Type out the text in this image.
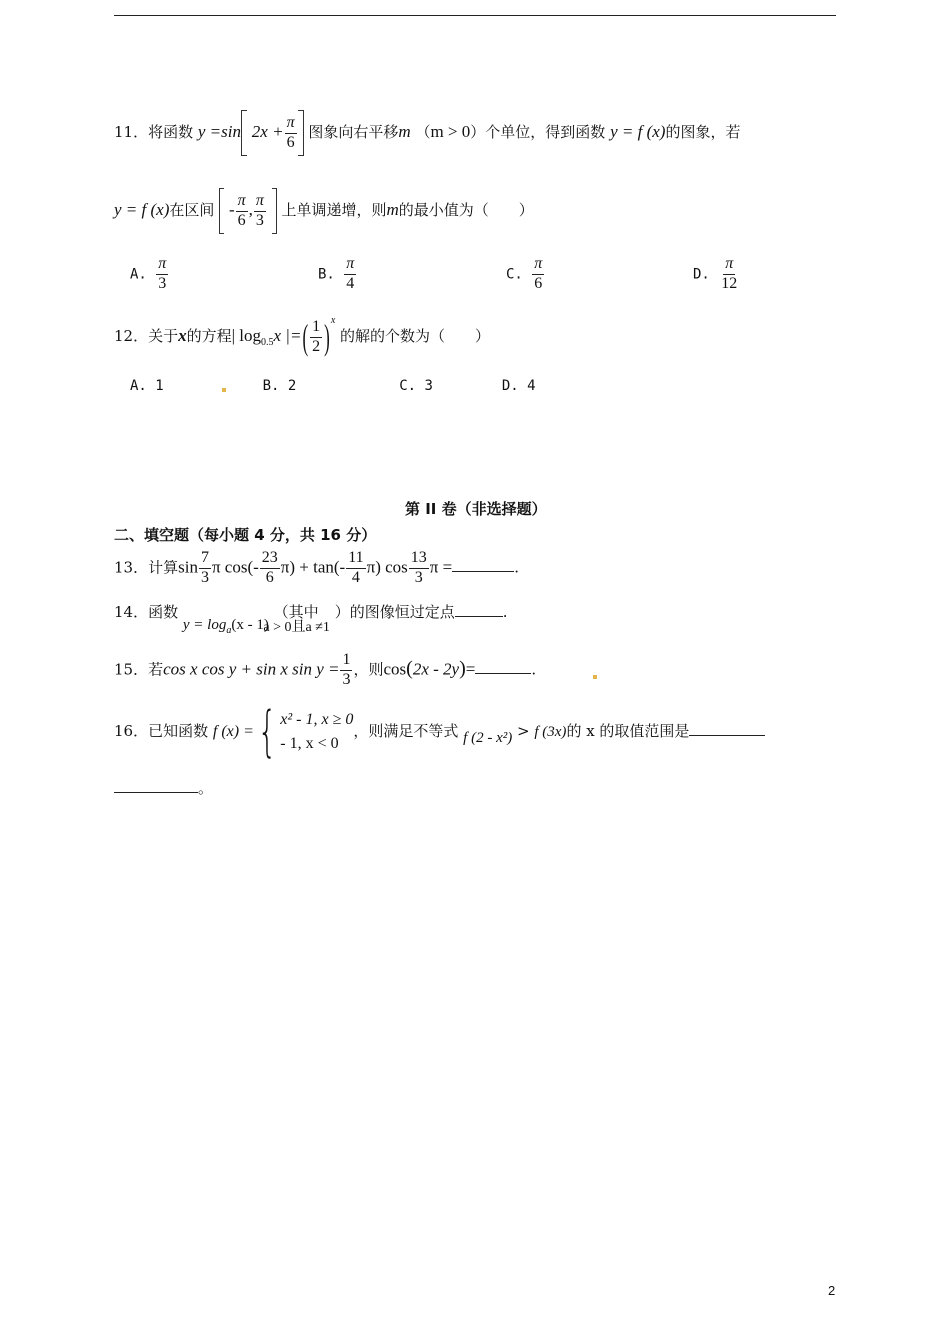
11．将函数 y =sin $2x + \frac{\pi}{6}$ 图象向右平移m （m > 0）个单位，得到函数 y = f (x)的图象，若
y = f (x)在区间 - $\frac{\pi}{6}$ , $\frac{\pi}{3}$ 上单调递增，则m的最小值为（　　）
A. $\frac{\pi}{3}$	B. $\frac{\pi}{4}$	C. $\frac{\pi}{6}$	D. $\frac{\pi}{12}$
12．关于x的方程| $\log_{0.5}x$ |=( $\frac{1}{2} )^x$ 的解的个数为（　　）
A. 1	B. 2	C. 3	D. 4
第 II 卷（非选择题）
二、填空题（每小题 4 分，共 16 分）
13．计算$\sin \frac{7}{3}$ π $\cos(- \frac{23}{6} \pi) + \tan(- \frac{11}{4} \pi)$ $\cos \frac{13}{3}$ π =	.
14．函数 $y = \log_a(x - 1)$ （其中 a > 0且a ≠1 ）的图像恒过定点	.
15．若cos x cos y + sin x $\sin y = \frac{1}{3}$ ，则cos(2x - 2y)=	.
16．已知函数 f (x) ={ x² - 1, x ≥ 0
- 1, x < 0
，则满足不等式 f (2 - x²) > f (3x)的 x 的取值范围是
。
2
